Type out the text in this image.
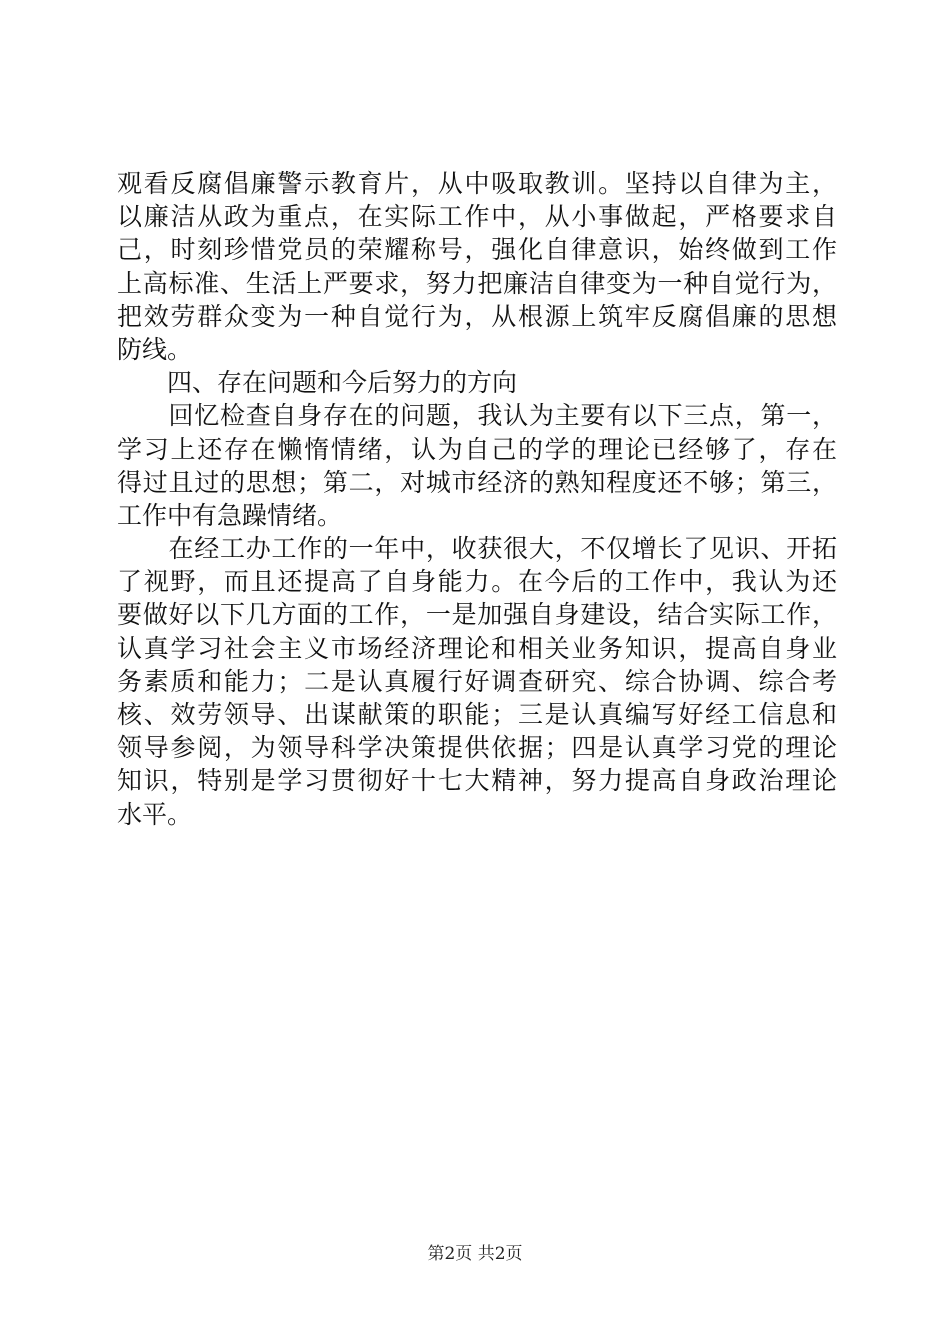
观看反腐倡廉警示教育片，从中吸取教训。坚持以自律为主，
以廉洁从政为重点，在实际工作中，从小事做起，严格要求自
己，时刻珍惜党员的荣耀称号，强化自律意识，始终做到工作
上高标准、生活上严要求，努力把廉洁自律变为一种自觉行为，
把效劳群众变为一种自觉行为，从根源上筑牢反腐倡廉的思想
防线。
　　四、存在问题和今后努力的方向
　　回忆检查自身存在的问题，我认为主要有以下三点，第一，
学习上还存在懒惰情绪，认为自己的学的理论已经够了，存在
得过且过的思想；第二，对城市经济的熟知程度还不够；第三，
工作中有急躁情绪。
　　在经工办工作的一年中，收获很大，不仅增长了见识、开拓
了视野，而且还提高了自身能力。在今后的工作中，我认为还
要做好以下几方面的工作，一是加强自身建设，结合实际工作，
认真学习社会主义市场经济理论和相关业务知识，提高自身业
务素质和能力；二是认真履行好调查研究、综合协调、综合考
核、效劳领导、出谋献策的职能；三是认真编写好经工信息和
领导参阅，为领导科学决策提供依据；四是认真学习党的理论
知识，特别是学习贯彻好十七大精神，努力提高自身政治理论
水平。
第2页 共2页
